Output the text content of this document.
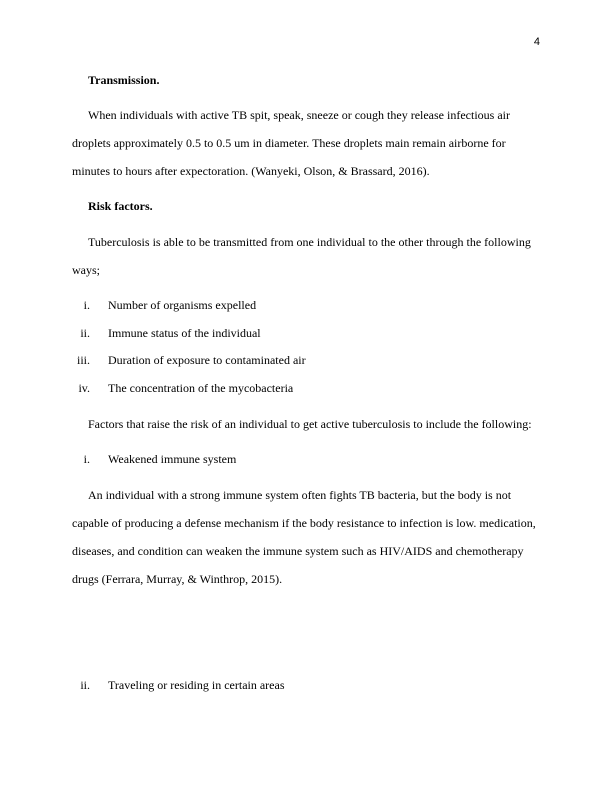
4
Transmission.
When individuals with active TB spit, speak, sneeze or cough they release infectious air
droplets approximately 0.5 to 0.5 um in diameter. These droplets main remain airborne for
minutes to hours after expectoration. (Wanyeki, Olson, & Brassard, 2016).
Risk factors.
Tuberculosis is able to be transmitted from one individual to the other through the following
ways;
i. Number of organisms expelled
ii. Immune status of the individual
iii. Duration of exposure to contaminated air
iv. The concentration of the mycobacteria
Factors that raise the risk of an individual to get active tuberculosis to include the following:
i. Weakened immune system
An individual with a strong immune system often fights TB bacteria, but the body is not
capable of producing a defense mechanism if the body resistance to infection is low. medication,
diseases, and condition can weaken the immune system such as HIV/AIDS and chemotherapy
drugs (Ferrara, Murray, & Winthrop, 2015).
ii. Traveling or residing in certain areas
